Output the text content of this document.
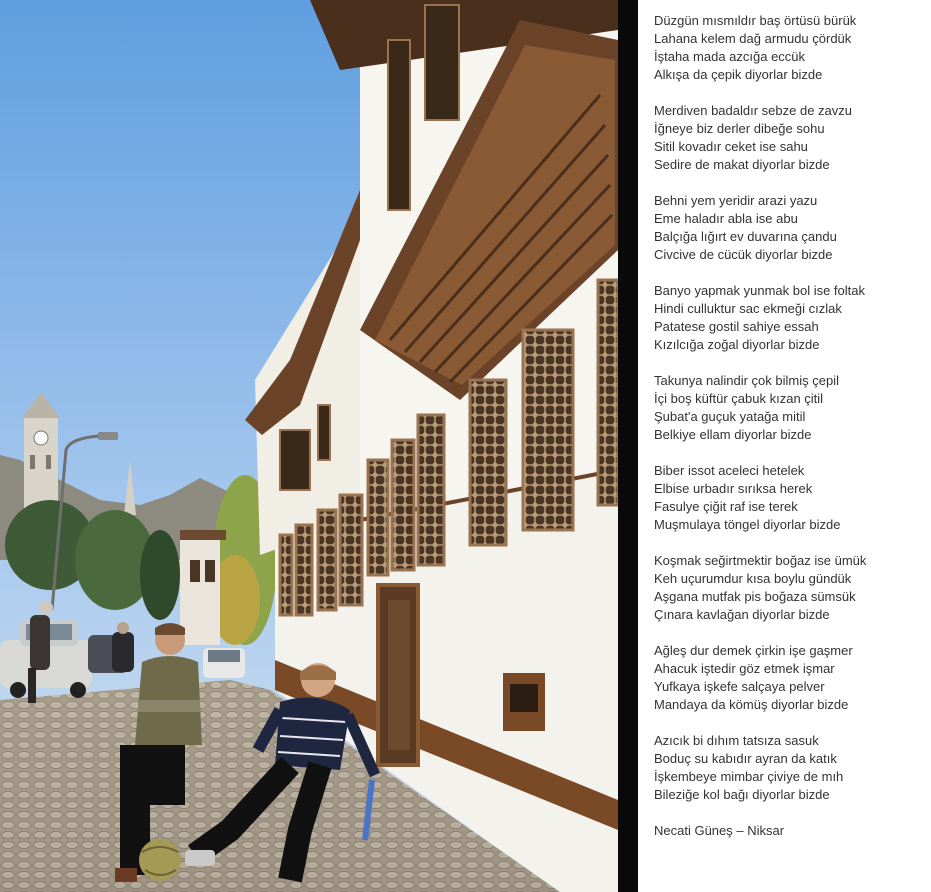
Düzgün mısmıldır baş örtüsü bürük
Lahana kelem dağ armudu çördük
İştaha mada azcığa eccük
Alkışa da çepik diyorlar bizde
Merdiven badaldır sebze de zavzu
İğneye biz derler dibeğe sohu
Sitil kovadır ceket ise sahu
Sedire de makat diyorlar bizde
Behni yem yeridir arazi yazu
Eme haladır abla ise abu
Balçığa lığırt ev duvarına çandu
Civcive de cücük diyorlar bizde
Banyo yapmak yunmak bol ise foltak
Hindi culluktur sac ekmeği cızlak
Patatese gostil sahiye essah
Kızılcığa zoğal diyorlar bizde
Takunya nalindir çok bilmiş çepil
İçi boş küftür çabuk kızan çitil
Şubat'a guçuk yatağa mitil
Belkiye ellam diyorlar bizde
Biber issot aceleci hetelek
Elbise urbadır sırıksa herek
Fasulye çiğit raf ise terek
Muşmulaya töngel diyorlar bizde
Koşmak seğirtmektir boğaz ise ümük
Keh uçurumdur kısa boylu gündük
Aşgana mutfak pis boğaza sümsük
Çınara kavlağan diyorlar bizde
Ağleş dur demek çirkin işe gaşmer
Ahacuk iştedir göz etmek işmar
Yufkaya işkefe salçaya pelver
Mandaya da kömüş diyorlar bizde
Azıcık bi dıhım tatsıza sasuk
Boduç su kabıdır ayran da katık
İşkembeye mimbar çiviye de mıh
Bileziğe kol bağı diyorlar bizde
Necati Güneş – Niksar
